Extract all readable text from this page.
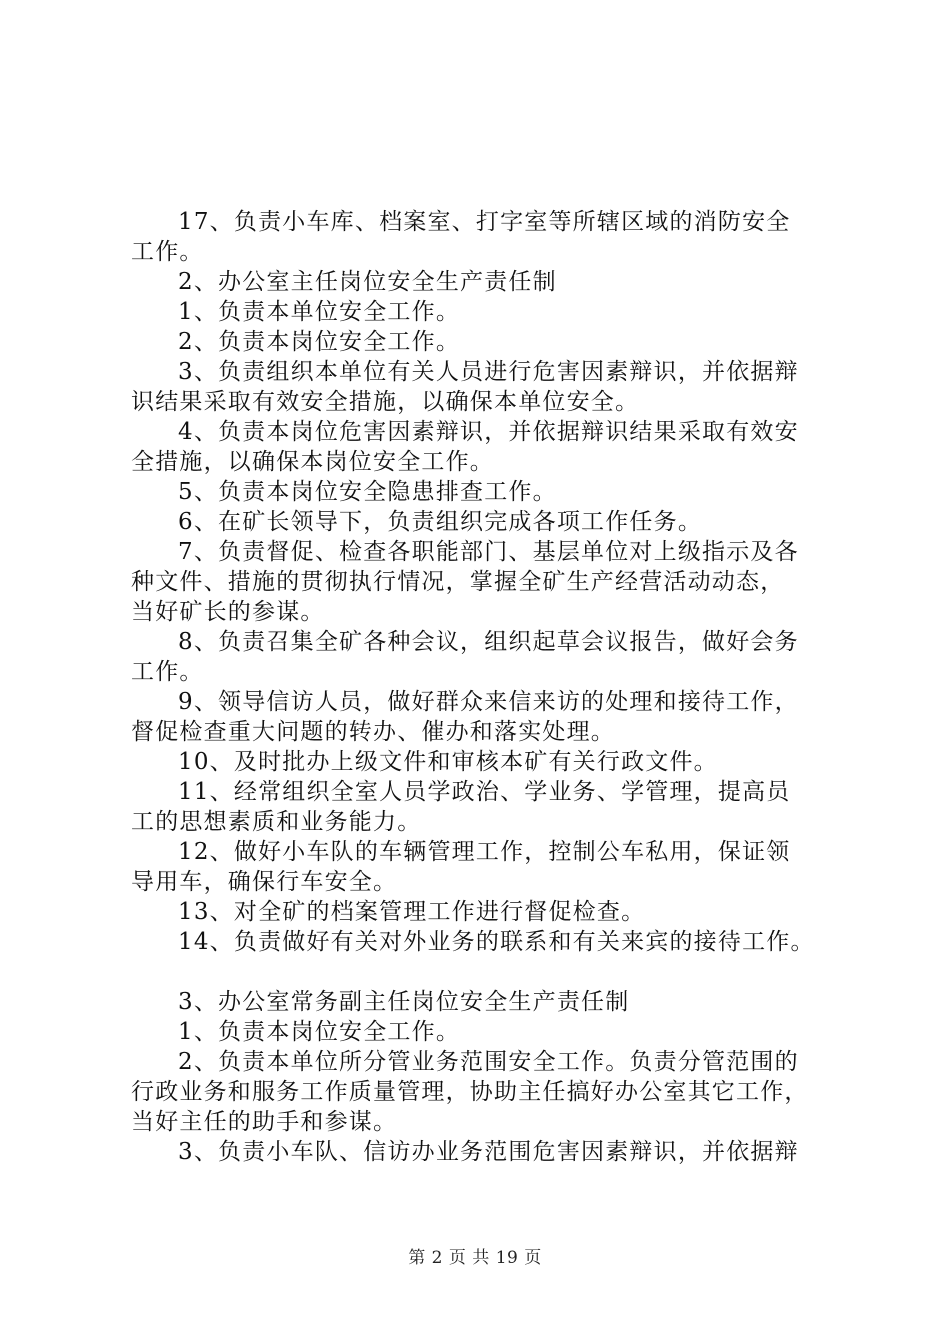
17、负责小车库、档案室、打字室等所辖区域的消防安全
工作。
2、办公室主任岗位安全生产责任制
1、负责本单位安全工作。
2、负责本岗位安全工作。
3、负责组织本单位有关人员进行危害因素辩识，并依据辩
识结果采取有效安全措施，以确保本单位安全。
4、负责本岗位危害因素辩识，并依据辩识结果采取有效安
全措施，以确保本岗位安全工作。
5、负责本岗位安全隐患排查工作。
6、在矿长领导下，负责组织完成各项工作任务。
7、负责督促、检查各职能部门、基层单位对上级指示及各
种文件、措施的贯彻执行情况，掌握全矿生产经营活动动态，
当好矿长的参谋。
8、负责召集全矿各种会议，组织起草会议报告，做好会务
工作。
9、领导信访人员，做好群众来信来访的处理和接待工作，
督促检查重大问题的转办、催办和落实处理。
10、及时批办上级文件和审核本矿有关行政文件。
11、经常组织全室人员学政治、学业务、学管理，提高员
工的思想素质和业务能力。
12、做好小车队的车辆管理工作，控制公车私用，保证领
导用车，确保行车安全。
13、对全矿的档案管理工作进行督促检查。
14、负责做好有关对外业务的联系和有关来宾的接待工作。
3、办公室常务副主任岗位安全生产责任制
1、负责本岗位安全工作。
2、负责本单位所分管业务范围安全工作。负责分管范围的
行政业务和服务工作质量管理，协助主任搞好办公室其它工作，
当好主任的助手和参谋。
3、负责小车队、信访办业务范围危害因素辩识，并依据辩
第 2 页 共 19 页
